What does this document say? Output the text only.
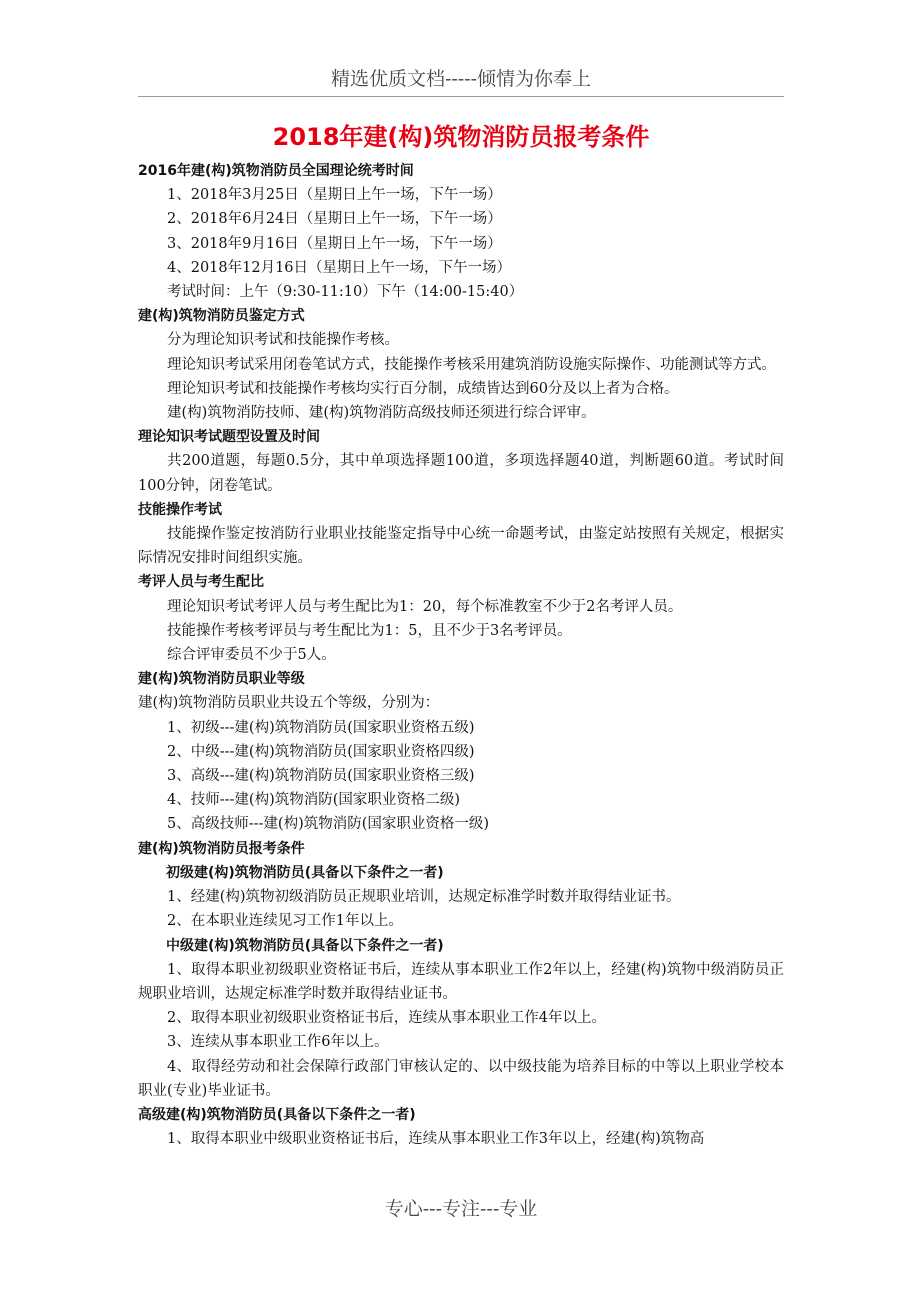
精选优质文档-----倾情为你奉上
2018年建(构)筑物消防员报考条件
2016年建(构)筑物消防员全国理论统考时间
1、2018年3月25日（星期日上午一场，下午一场）
2、2018年6月24日（星期日上午一场，下午一场）
3、2018年9月16日（星期日上午一场，下午一场）
4、2018年12月16日（星期日上午一场，下午一场）
考试时间：上午（9:30-11:10）下午（14:00-15:40）
建(构)筑物消防员鉴定方式
分为理论知识考试和技能操作考核。
理论知识考试采用闭卷笔试方式，技能操作考核采用建筑消防设施实际操作、功能测试等方式。
理论知识考试和技能操作考核均实行百分制，成绩皆达到60分及以上者为合格。
建(构)筑物消防技师、建(构)筑物消防高级技师还须进行综合评审。
理论知识考试题型设置及时间
共200道题，每题0.5分，其中单项选择题100道，多项选择题40道，判断题60道。考试时间100分钟，闭卷笔试。
技能操作考试
技能操作鉴定按消防行业职业技能鉴定指导中心统一命题考试，由鉴定站按照有关规定，根据实际情况安排时间组织实施。
考评人员与考生配比
理论知识考试考评人员与考生配比为1：20，每个标准教室不少于2名考评人员。
技能操作考核考评员与考生配比为1：5，且不少于3名考评员。
综合评审委员不少于5人。
建(构)筑物消防员职业等级
建(构)筑物消防员职业共设五个等级，分别为：
1、初级---建(构)筑物消防员(国家职业资格五级)
2、中级---建(构)筑物消防员(国家职业资格四级)
3、高级---建(构)筑物消防员(国家职业资格三级)
4、技师---建(构)筑物消防(国家职业资格二级)
5、高级技师---建(构)筑物消防(国家职业资格一级)
建(构)筑物消防员报考条件
初级建(构)筑物消防员(具备以下条件之一者)
1、经建(构)筑物初级消防员正规职业培训，达规定标准学时数并取得结业证书。
2、在本职业连续见习工作1年以上。
中级建(构)筑物消防员(具备以下条件之一者)
1、取得本职业初级职业资格证书后，连续从事本职业工作2年以上，经建(构)筑物中级消防员正规职业培训，达规定标准学时数并取得结业证书。
2、取得本职业初级职业资格证书后，连续从事本职业工作4年以上。
3、连续从事本职业工作6年以上。
4、取得经劳动和社会保障行政部门审核认定的、以中级技能为培养目标的中等以上职业学校本职业(专业)毕业证书。
高级建(构)筑物消防员(具备以下条件之一者)
1、取得本职业中级职业资格证书后，连续从事本职业工作3年以上，经建(构)筑物高
专心---专注---专业
